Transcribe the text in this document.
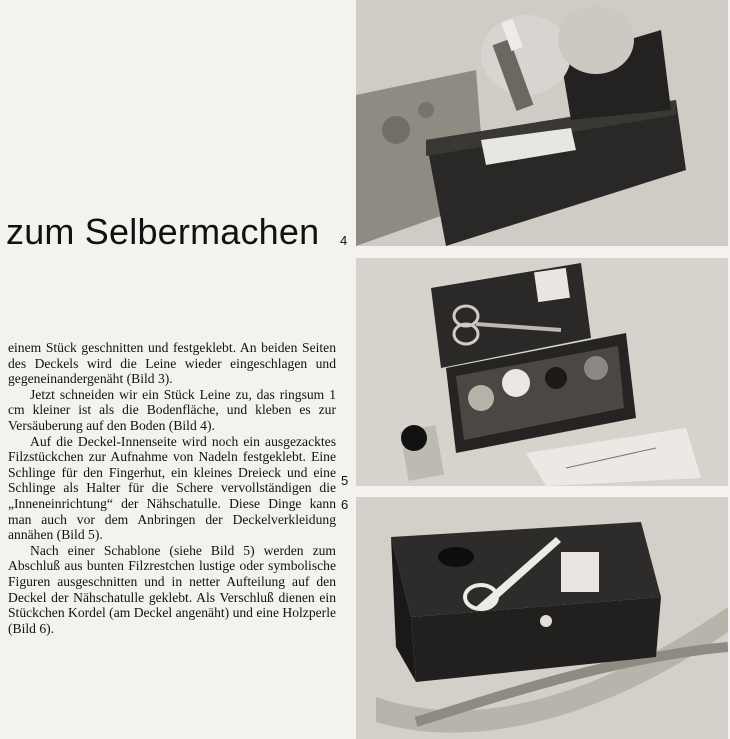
zum Selbermachen 4
5
6

einem Stück geschnitten und festgeklebt. An beiden Seiten des Deckels wird die Leine wieder eingeschlagen und gegeneinandergenäht (Bild 3).

Jetzt schneiden wir ein Stück Leine zu, das ringsum 1 cm kleiner ist als die Bodenfläche, und kleben es zur Versäuberung auf den Boden (Bild 4).

Auf die Deckel-Innenseite wird noch ein ausgezacktes Filzstückchen zur Aufnahme von Nadeln festgeklebt. Eine Schlinge für den Fingerhut, ein kleines Dreieck und eine Schlinge als Halter für die Schere vervollständigen die „Inneneinrichtung“ der Nähschatulle. Diese Dinge kann man auch vor dem Anbringen der Deckelverkleidung annähen (Bild 5).

Nach einer Schablone (siehe Bild 5) werden zum Abschluß aus bunten Filzrestchen lustige oder symbolische Figuren ausgeschnitten und in netter Aufteilung auf den Deckel der Nähschatulle geklebt. Als Verschluß dienen ein Stückchen Kordel (am Deckel angenäht) und eine Holzperle (Bild 6).
